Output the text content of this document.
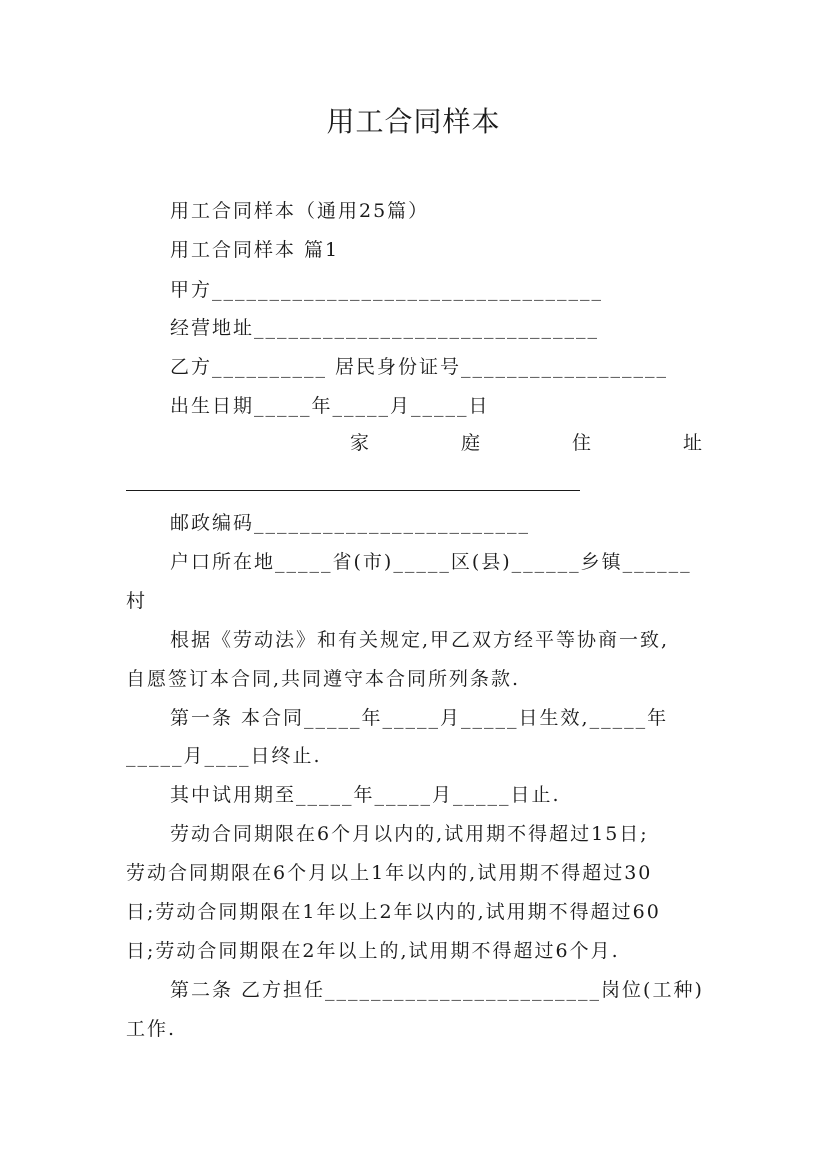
用工合同样本
用工合同样本（通用25篇）
用工合同样本 篇1
甲方__________________________________
经营地址______________________________
乙方__________ 居民身份证号__________________
出生日期_____年_____月_____日
家	庭	住	址
邮政编码________________________
户口所在地_____省(市)_____区(县)______乡镇______
村
根据《劳动法》和有关规定,甲乙双方经平等协商一致,
自愿签订本合同,共同遵守本合同所列条款.
第一条 本合同_____年_____月_____日生效,_____年
_____月____日终止.
其中试用期至_____年_____月_____日止.
劳动合同期限在6个月以内的,试用期不得超过15日;
劳动合同期限在6个月以上1年以内的,试用期不得超过30
日;劳动合同期限在1年以上2年以内的,试用期不得超过60
日;劳动合同期限在2年以上的,试用期不得超过6个月.
第二条 乙方担任________________________岗位(工种)
工作.
